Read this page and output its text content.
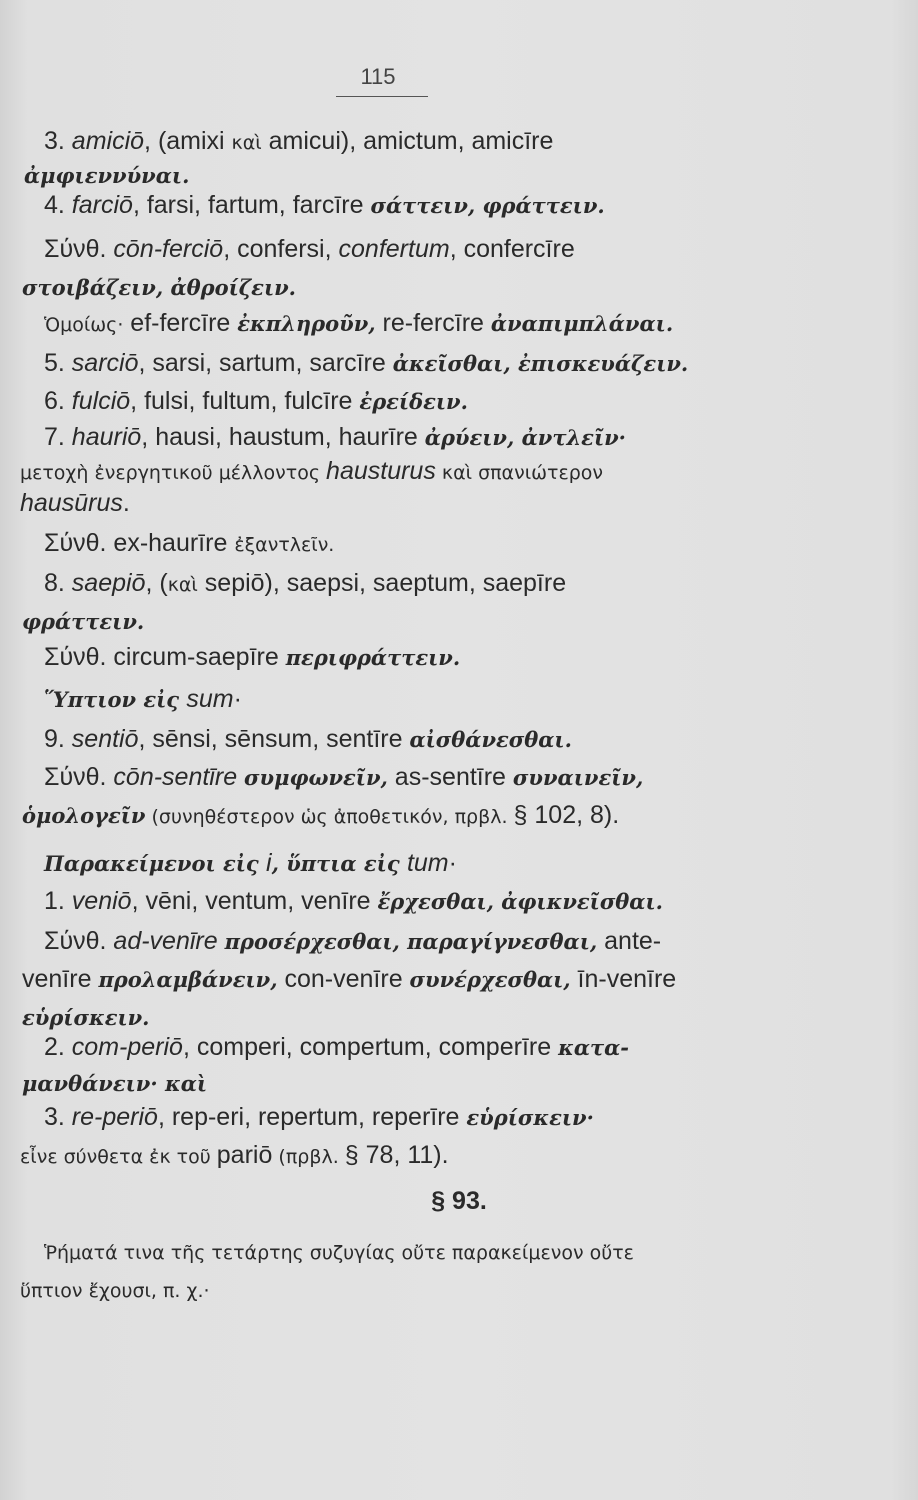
115
3. amiciō, (amixi καὶ amicui), amictum, amicīre
ἀμφιεννύναι.
4. farciō, farsi, fartum, farcīre σάττειν, φράττειν.
Σύνθ. cōn-ferciō, confersi, confertum, confercīre
στοιβάζειν, ἀθροίζειν.
Ὁμοίως· ef-fercīre ἐκπληροῦν, re-fercīre ἀναπιμπλάναι.
5. sarciō, sarsi, sartum, sarcīre ἀκεῖσθαι, ἐπισκευάζειν.
6. fulciō, fulsi, fultum, fulcīre ἐρείδειν.
7. hauriō, hausi, haustum, haurīre ἀρύειν, ἀντλεῖν·
μετοχὴ ἐνεργητικοῦ μέλλοντος hausturus καὶ σπανιώτερον
hausūrus.
Σύνθ. ex-haurīre ἐξαντλεῖν.
8. saepiō, (καὶ sepiō), saepsi, saeptum, saepīre
φράττειν.
Σύνθ. circum-saepīre περιφράττειν.
Ὕπτιον εἰς sum·
9. sentiō, sēnsi, sēnsum, sentīre αἰσθάνεσθαι.
Σύνθ. cōn-sentīre συμφωνεῖν, as-sentīre συναινεῖν,
ὁμολογεῖν (συνηθέστερον ὡς ἀποθετικόν, πρβλ. § 102, 8).
Παρακείμενοι εἰς i, ὕπτια εἰς tum·
1. veniō, vēni, ventum, venīre ἔρχεσθαι, ἀφικνεῖσθαι.
Σύνθ. ad-venīre προσέρχεσθαι, παραγίγνεσθαι, ante-
venīre προλαμβάνειν, con-venīre συνέρχεσθαι, īn-venīre
εὑρίσκειν.
2. com-periō, comperi, compertum, comperīre κατα-
μανθάνειν· καὶ
3. re-periō, rep-eri, repertum, reperīre εὑρίσκειν·
εἶνε σύνθετα ἐκ τοῦ pariō (πρβλ. § 78, 11).
§ 93.
Ῥήματά τινα τῆς τετάρτης συζυγίας οὔτε παρακείμενον οὔτε
ὕπτιον ἔχουσι, π. χ.·
